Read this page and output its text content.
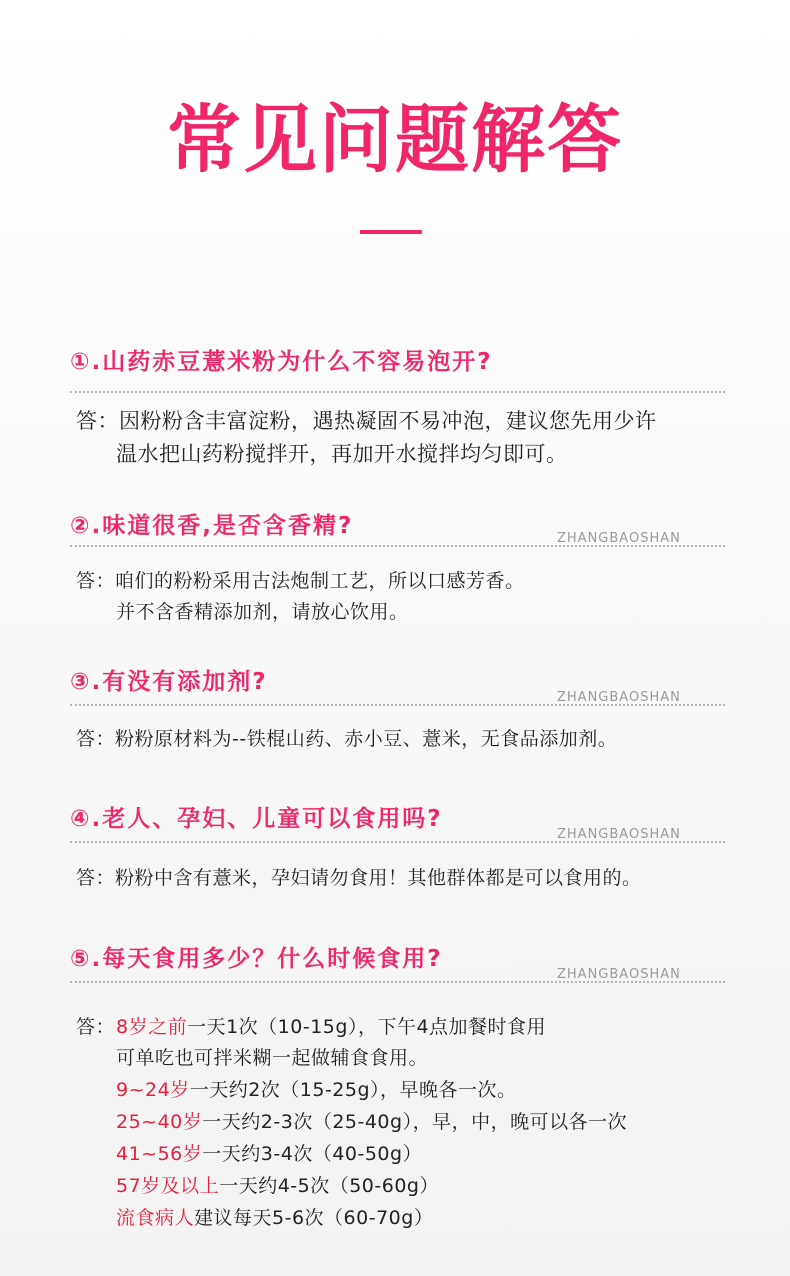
常见问题解答
①.山药赤豆薏米粉为什么不容易泡开?
答：因粉粉含丰富淀粉，遇热凝固不易冲泡，建议您先用少许
温水把山药粉搅拌开，再加开水搅拌均匀即可。
②.味道很香,是否含香精?	ZHANGBAOSHAN
答：咱们的粉粉采用古法炮制工艺，所以口感芳香。
并不含香精添加剂，请放心饮用。
③.有没有添加剂?
ZHANGBAOSHAN
答：粉粉原材料为--铁棍山药、赤小豆、薏米，无食品添加剂。
④.老人、孕妇、儿童可以食用吗?
ZHANGBAOSHAN
答：粉粉中含有薏米，孕妇请勿食用！其他群体都是可以食用的。
⑤.每天食用多少？什么时候食用?
ZHANGBAOSHAN
答： 8岁之前一天1次（10-15g），下午4点加餐时食用
可单吃也可拌米糊一起做辅食食用。
9~24岁一天约2次（15-25g），早晚各一次。
25~40岁一天约2-3次（25-40g），早，中，晚可以各一次
41~56岁一天约3-4次（40-50g）
57岁及以上一天约4-5次（50-60g）
流食病人建议每天5-6次（60-70g）
